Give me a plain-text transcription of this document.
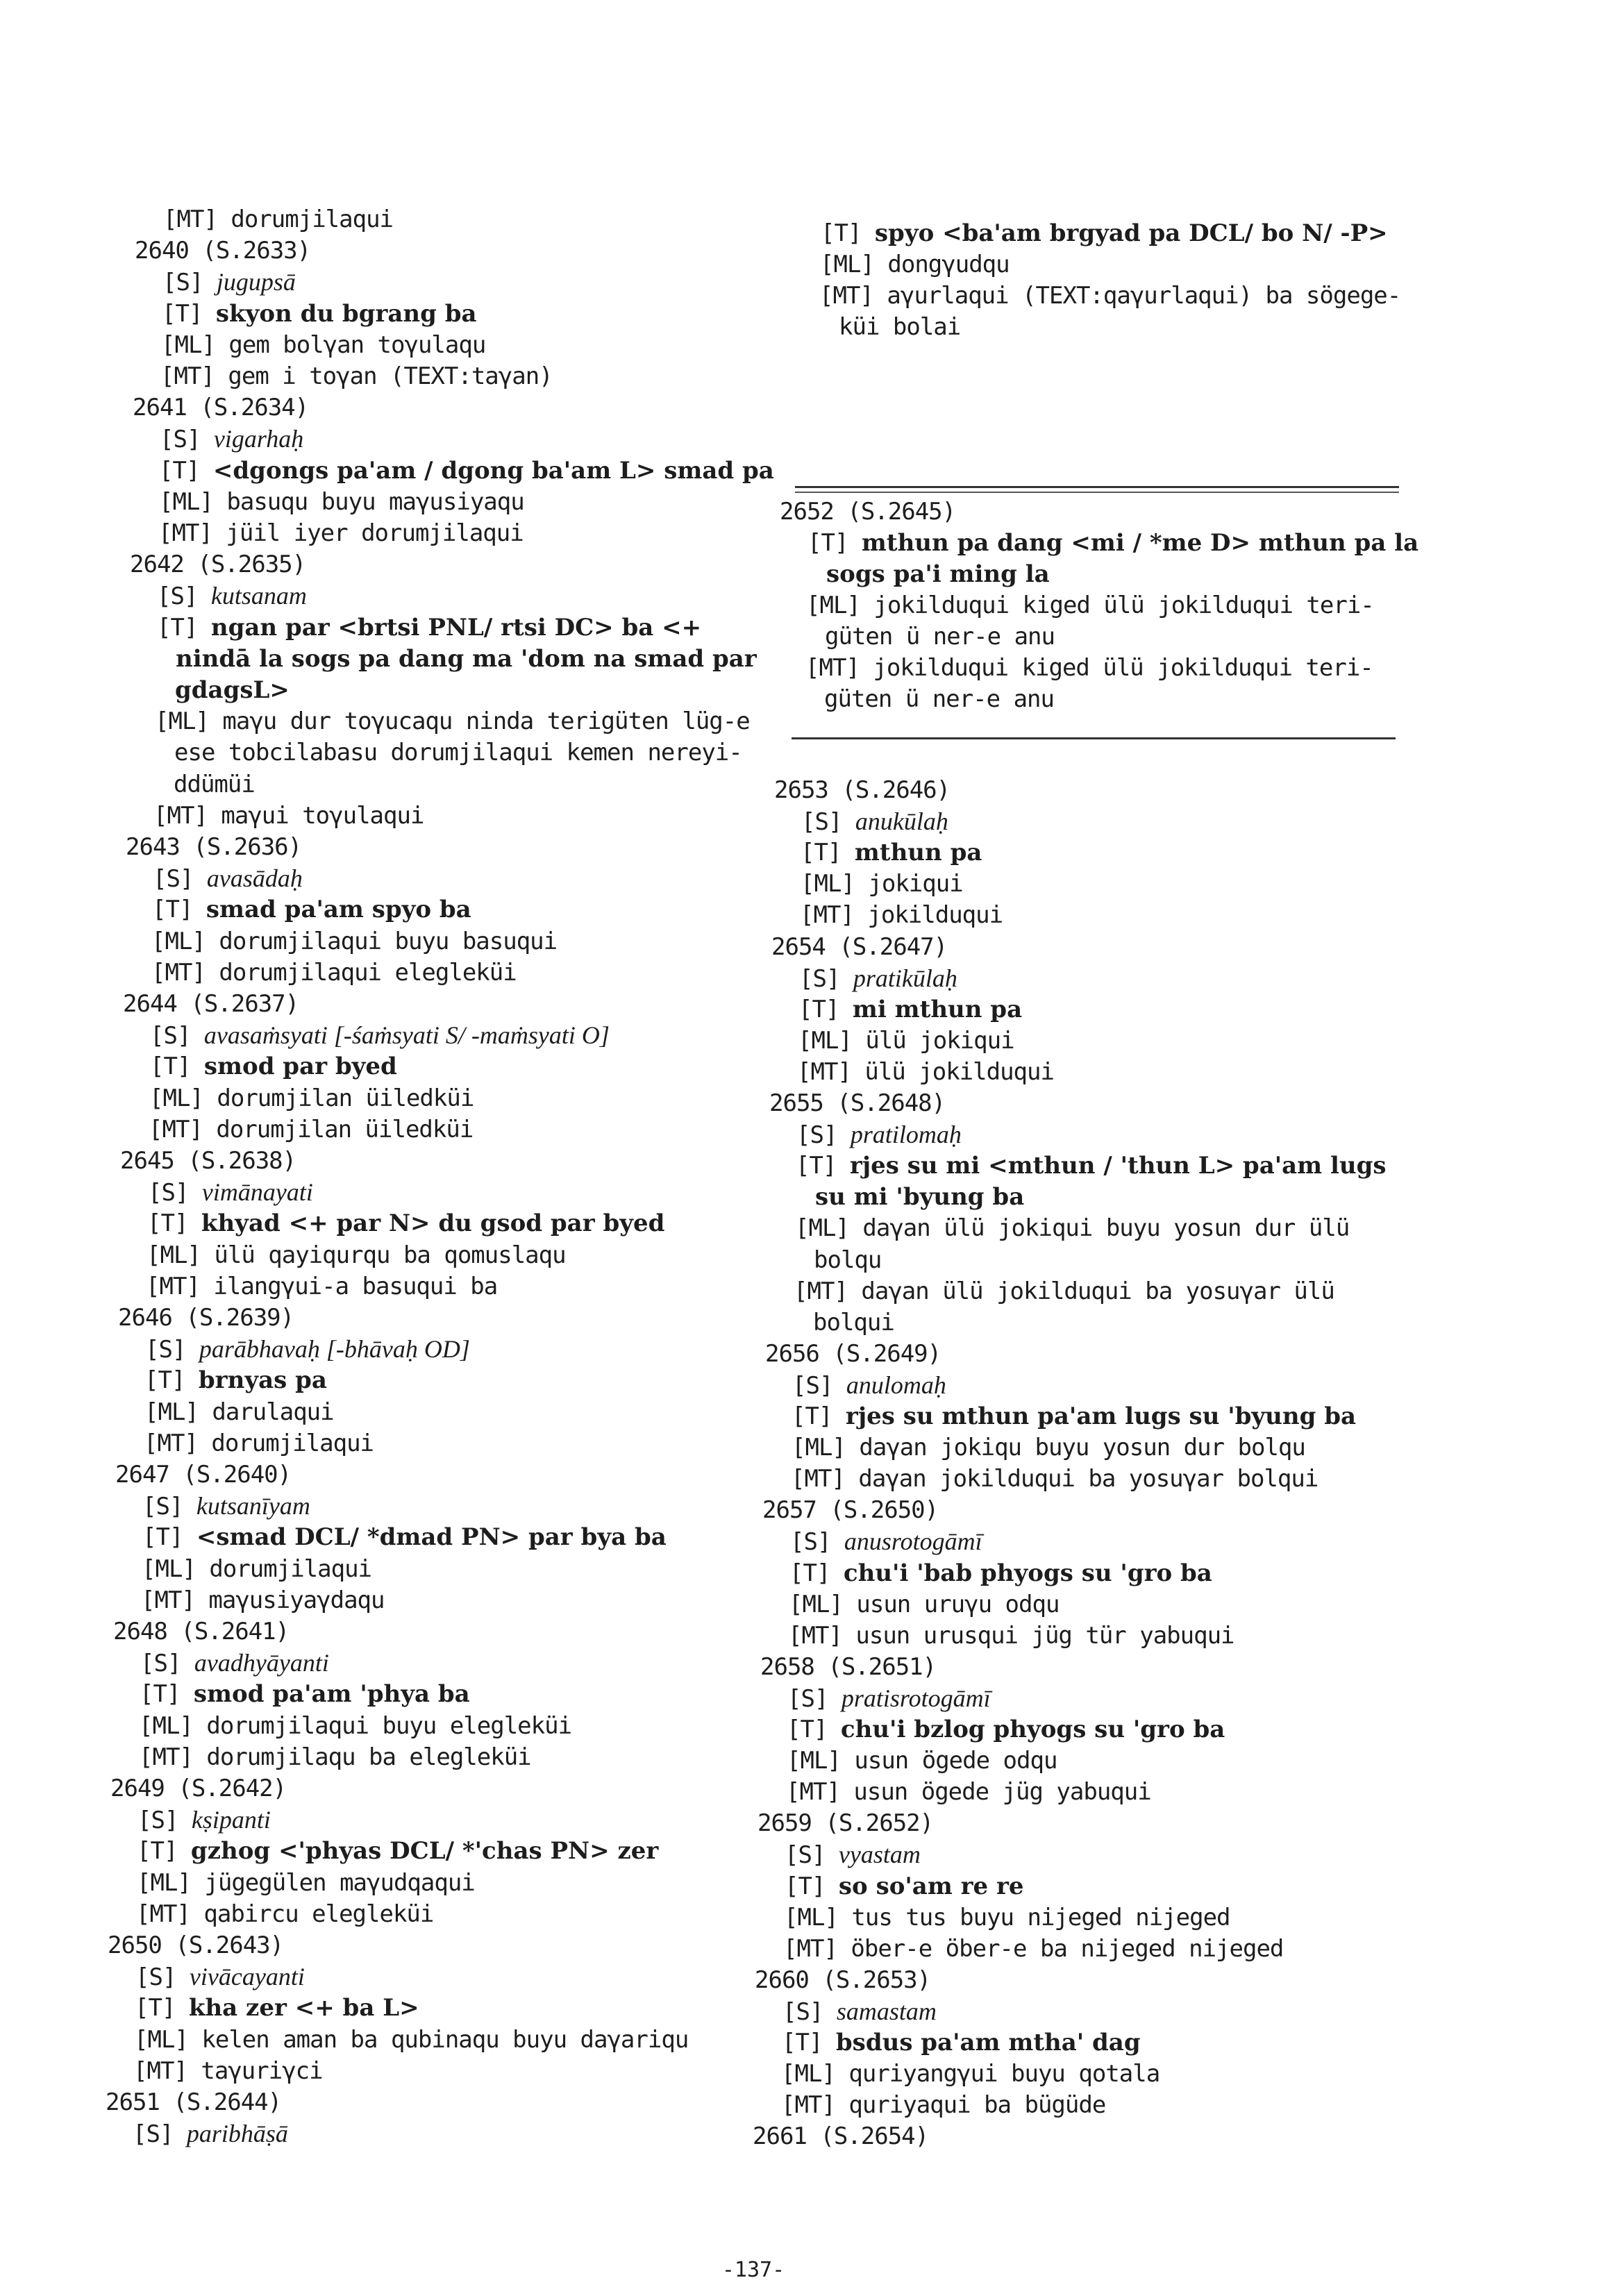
[MT] dorumjilaqui
2640 (S.2633)
[S] jugupsā
[T] skyon du bgrang ba
[ML] gem bolγan toγulaqu
[MT] gem i toγan (TEXT:taγan)
2641 (S.2634)
[S] vigarhaḥ
[T] <dgongs pa'am / dgong ba'am L> smad pa
[ML] basuqu buyu maγusiyaqu
[MT] jüil iyer dorumjilaqui
2642 (S.2635)
[S] kutsanam
[T] ngan par <brtsi PNL/ rtsi DC> ba <+
nindā la sogs pa dang ma 'dom na smad par
gdagsL>
[ML] maγu dur toγucaqu ninda terigüten lüg-e
ese tobcilabasu dorumjilaqui kemen nereyi-
ddümüi
[MT] maγui toγulaqui
2643 (S.2636)
[S] avasādaḥ
[T] smad pa'am spyo ba
[ML] dorumjilaqui buyu basuqui
[MT] dorumjilaqui elegleküi
2644 (S.2637)
[S] avasaṁsyati [-śaṁsyati S/ -maṁsyati O]
[T] smod par byed
[ML] dorumjilan üiledküi
[MT] dorumjilan üiledküi
2645 (S.2638)
[S] vimānayati
[T] khyad <+ par N> du gsod par byed
[ML] ülü qayiqurqu ba qomuslaqu
[MT] ilangγui-a basuqui ba
2646 (S.2639)
[S] parābhavaḥ [-bhāvaḥ OD]
[T] brnyas pa
[ML] darulaqui
[MT] dorumjilaqui
2647 (S.2640)
[S] kutsanīyam
[T] <smad DCL/ *dmad PN> par bya ba
[ML] dorumjilaqui
[MT] maγusiyaγdaqu
2648 (S.2641)
[S] avadhyāyanti
[T] smod pa'am 'phya ba
[ML] dorumjilaqui buyu elegleküi
[MT] dorumjilaqu ba elegleküi
2649 (S.2642)
[S] kṣipanti
[T] gzhog <'phyas DCL/ *'chas PN> zer
[ML] jügegülen maγudqaqui
[MT] qabircu elegleküi
2650 (S.2643)
[S] vivācayanti
[T] kha zer <+ ba L>
[ML] kelen aman ba qubinaqu buyu daγariqu
[MT] taγuriγci
2651 (S.2644)
[S] paribhāṣā
[T] spyo <ba'am brgyad pa DCL/ bo N/ -P>
[ML] dongγudqu
[MT] aγurlaqui (TEXT:qaγurlaqui) ba sögege-
küi bolai
2652 (S.2645)
[T] mthun pa dang <mi / *me D> mthun pa la
sogs pa'i ming la
[ML] jokilduqui kiged ülü jokilduqui teri-
güten ü ner-e anu
[MT] jokilduqui kiged ülü jokilduqui teri-
güten ü ner-e anu
2653 (S.2646)
[S] anukūlaḥ
[T] mthun pa
[ML] jokiqui
[MT] jokilduqui
2654 (S.2647)
[S] pratikūlaḥ
[T] mi mthun pa
[ML] ülü jokiqui
[MT] ülü jokilduqui
2655 (S.2648)
[S] pratilomaḥ
[T] rjes su mi <mthun / 'thun L> pa'am lugs
su mi 'byung ba
[ML] daγan ülü jokiqui buyu yosun dur ülü
bolqu
[MT] daγan ülü jokilduqui ba yosuγar ülü
bolqui
2656 (S.2649)
[S] anulomaḥ
[T] rjes su mthun pa'am lugs su 'byung ba
[ML] daγan jokiqu buyu yosun dur bolqu
[MT] daγan jokilduqui ba yosuγar bolqui
2657 (S.2650)
[S] anusrotogāmī
[T] chu'i 'bab phyogs su 'gro ba
[ML] usun uruγu odqu
[MT] usun urusqui jüg tür yabuqui
2658 (S.2651)
[S] pratisrotogāmī
[T] chu'i bzlog phyogs su 'gro ba
[ML] usun ögede odqu
[MT] usun ögede jüg yabuqui
2659 (S.2652)
[S] vyastam
[T] so so'am re re
[ML] tus tus buyu nijeged nijeged
[MT] öber-e öber-e ba nijeged nijeged
2660 (S.2653)
[S] samastam
[T] bsdus pa'am mtha' dag
[ML] quriyangγui buyu qotala
[MT] quriyaqui ba bügüde
2661 (S.2654)
-137-
